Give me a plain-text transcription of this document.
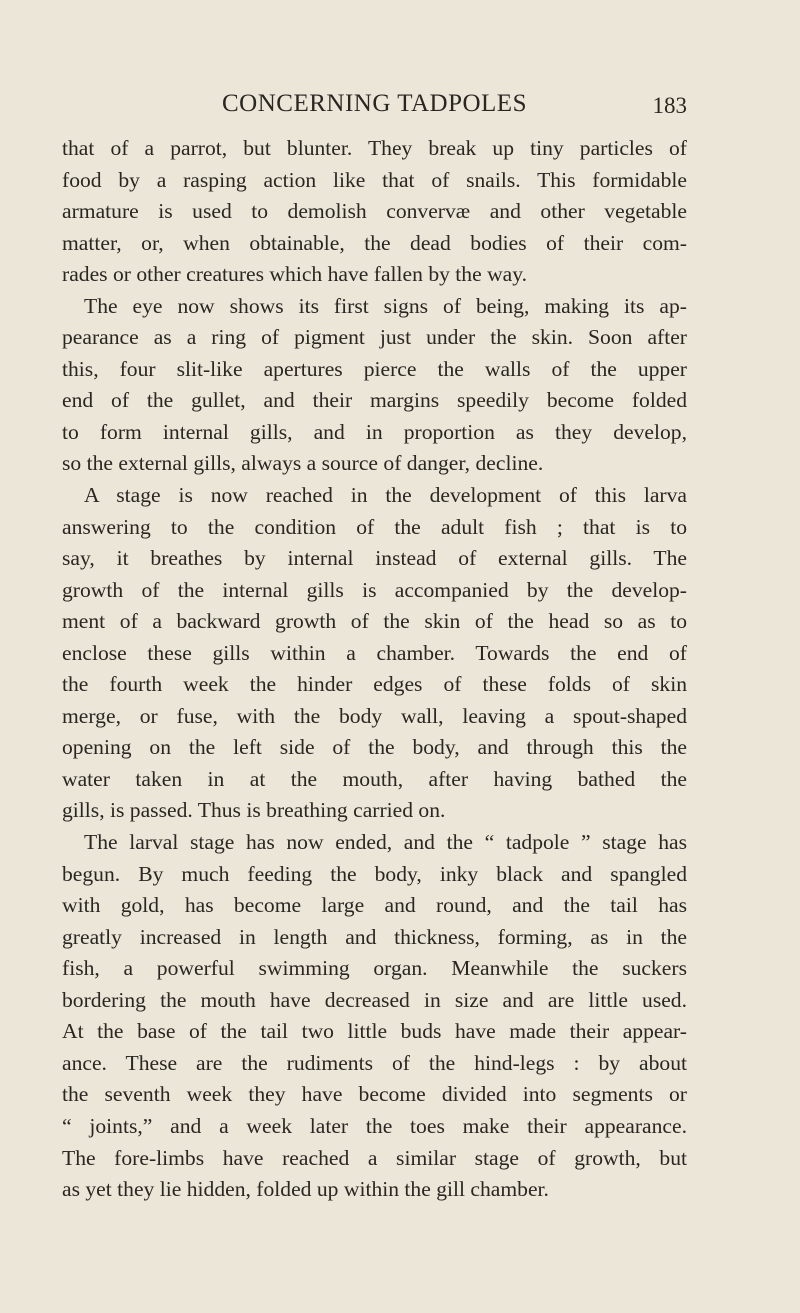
CONCERNING TADPOLES	183
that of a parrot, but blunter. They break up tiny particles of
food by a rasping action like that of snails. This formidable
armature is used to demolish convervæ and other vegetable
matter, or, when obtainable, the dead bodies of their com-
rades or other creatures which have fallen by the way.
The eye now shows its first signs of being, making its ap-
pearance as a ring of pigment just under the skin. Soon after
this, four slit-like apertures pierce the walls of the upper
end of the gullet, and their margins speedily become folded
to form internal gills, and in proportion as they develop,
so the external gills, always a source of danger, decline.
A stage is now reached in the development of this larva
answering to the condition of the adult fish ; that is to
say, it breathes by internal instead of external gills. The
growth of the internal gills is accompanied by the develop-
ment of a backward growth of the skin of the head so as to
enclose these gills within a chamber. Towards the end of
the fourth week the hinder edges of these folds of skin
merge, or fuse, with the body wall, leaving a spout-shaped
opening on the left side of the body, and through this the
water taken in at the mouth, after having bathed the
gills, is passed. Thus is breathing carried on.
The larval stage has now ended, and the “ tadpole ” stage has
begun. By much feeding the body, inky black and spangled
with gold, has become large and round, and the tail has
greatly increased in length and thickness, forming, as in the
fish, a powerful swimming organ. Meanwhile the suckers
bordering the mouth have decreased in size and are little used.
At the base of the tail two little buds have made their appear-
ance. These are the rudiments of the hind-legs : by about
the seventh week they have become divided into segments or
“ joints,” and a week later the toes make their appearance.
The fore-limbs have reached a similar stage of growth, but
as yet they lie hidden, folded up within the gill chamber.
